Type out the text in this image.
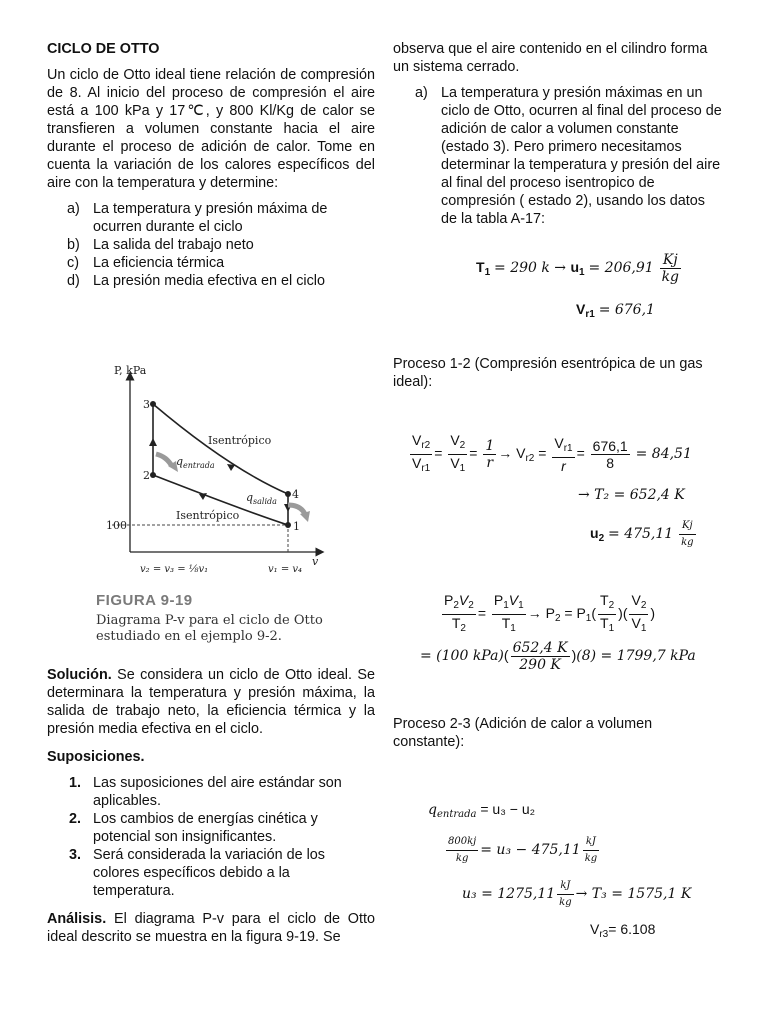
CICLO DE OTTO

Un ciclo de Otto ideal tiene relación de compresión de 8. Al inicio del proceso de compresión el aire está a 100 kPa y 17℃, y 800 Kl/Kg de calor se transfieren a volumen constante hacia el aire durante el proceso de adición de calor. Tome en cuenta la variación de los calores específicos del aire con la temperatura y determine:

a) La temperatura y presión máxima de ocurren durante el ciclo
b) La salida del trabajo neto
c) La eficiencia térmica
d) La presión media efectiva en el ciclo
P, kPa
v
3
2
4
1
100
Isentrópico
Isentrópico
$q_{entrada}$
$q_{salida}$
v₂ = v₃ = ⅛v₁	v₁ = v₄
FIGURA 9-19
Diagrama P-v para el ciclo de Otto
estudiado en el ejemplo 9-2.

Solución. Se considera un ciclo de Otto ideal. Se determinara la temperatura y presión máxima, la salida de trabajo neto, la eficiencia térmica y la presión media efectiva en el ciclo.

Suposiciones.

1. Las suposiciones del aire estándar son aplicables.
2. Los cambios de energías cinética y potencial son insignificantes.
3. Será considerada la variación de los colores específicos debido a la temperatura.

Análisis. El diagrama P-v para el ciclo de Otto ideal descrito se muestra en la figura 9-19. Se

observa que el aire contenido en el cilindro forma un sistema cerrado.

a) La temperatura y presión máximas en un ciclo de Otto, ocurren al final del proceso de adición de calor a volumen constante (estado 3). Pero primero necesitamos determinar la temperatura y presión del aire al final del proceso isentropico de compresión ( estado 2), usando los datos de la tabla A-17:
$T_1 = 290$ $k \to u_1 = 206,91 \frac{Kj}{kg}$
$V_{r1} = 676,1$

Proceso 1-2 (Compresión esentrópica de un gas ideal):

$\frac{V_{r2}}{V_{r1}} = \frac{V_2}{V_1} = \frac{1}{r} \to V_{r2} = \frac{V_{r1}}{r} = \frac{676,1}{8} = 84,51$
→ T₂ = 652,4 K
$u_2 = 475,11 \frac{Kj}{kg}$
$\frac{P_2V_2}{T_2} = \frac{P_1V_1}{T_1} \to P_2 = P_1( \frac{T_2}{T_1}$ )( $\frac{V_2}{V_1}$ )
= (100 $kPa)( \frac{652,4 K}{290 K} )(8) = 1799,7$ kPa

Proceso 2-3 (Adición de calor a volumen constante):

$q_{entrada} = u_3 - u_2$
$\frac{800kj}{kg} = u_3 - 475,11 \frac{kJ}{kg}$
$u_3 = 1275,11 \frac{kJ}{kg} \to T_3 = 1575,1$ K
$V_{r3}= 6.108$
